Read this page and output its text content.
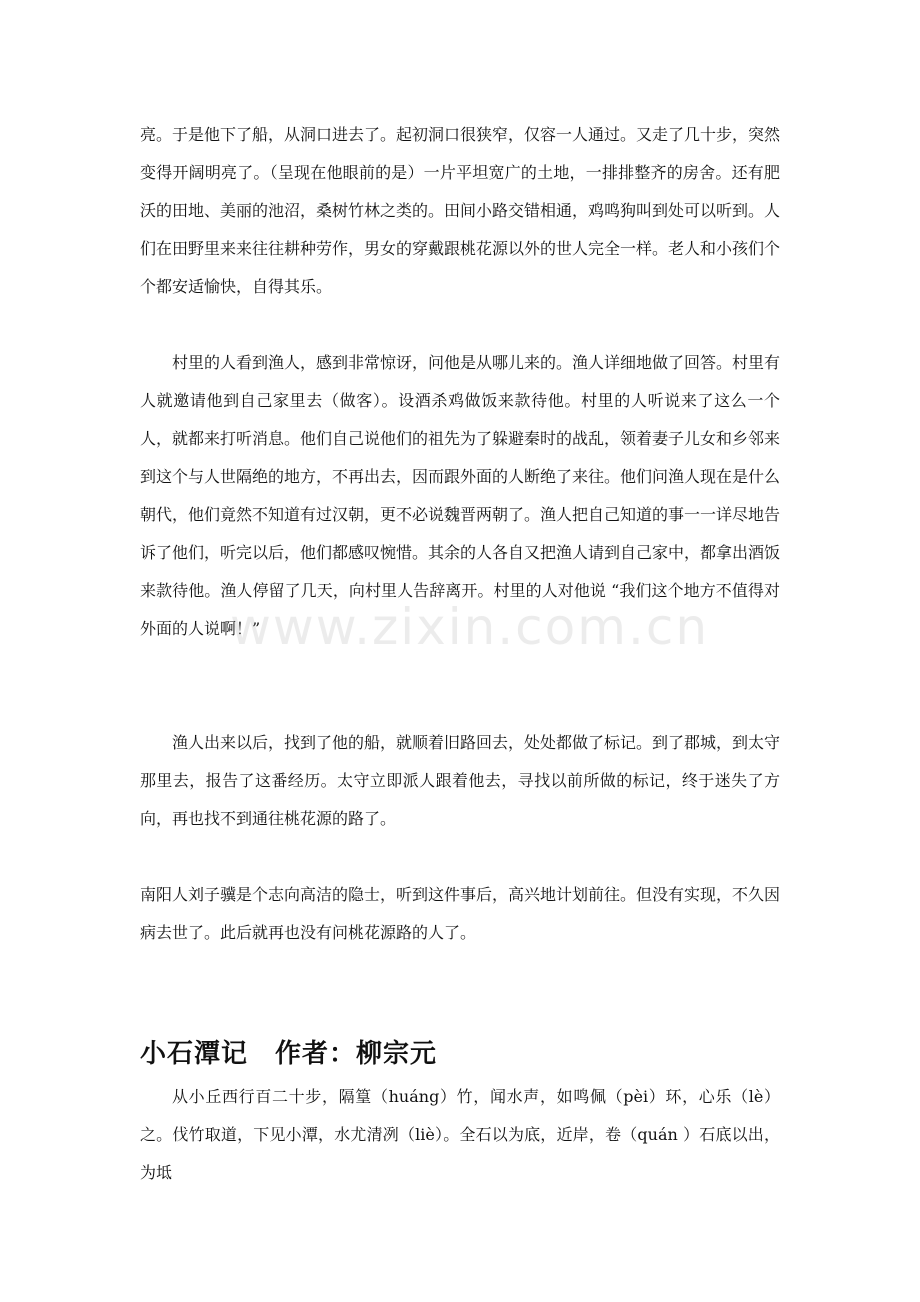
亮。于是他下了船，从洞口进去了。起初洞口很狭窄，仅容一人通过。又走了几十步，突然变得开阔明亮了。（呈现在他眼前的是）一片平坦宽广的土地，一排排整齐的房舍。还有肥沃的田地、美丽的池沼，桑树竹林之类的。田间小路交错相通，鸡鸣狗叫到处可以听到。人们在田野里来来往往耕种劳作，男女的穿戴跟桃花源以外的世人完全一样。老人和小孩们个个都安适愉快，自得其乐。

村里的人看到渔人，感到非常惊讶，问他是从哪儿来的。渔人详细地做了回答。村里有人就邀请他到自己家里去（做客）。设酒杀鸡做饭来款待他。村里的人听说来了这么一个人，就都来打听消息。他们自己说他们的祖先为了躲避秦时的战乱，领着妻子儿女和乡邻来到这个与人世隔绝的地方，不再出去，因而跟外面的人断绝了来往。他们问渔人现在是什么朝代，他们竟然不知道有过汉朝，更不必说魏晋两朝了。渔人把自己知道的事一一详尽地告诉了他们，听完以后，他们都感叹惋惜。其余的人各自又把渔人请到自己家中，都拿出酒饭来款待他。渔人停留了几天，向村里人告辞离开。村里的人对他说 “我们这个地方不值得对外面的人说啊！”

渔人出来以后，找到了他的船，就顺着旧路回去，处处都做了标记。到了郡城，到太守那里去，报告了这番经历。太守立即派人跟着他去，寻找以前所做的标记，终于迷失了方向，再也找不到通往桃花源的路了。

南阳人刘子骥是个志向高洁的隐士，听到这件事后，高兴地计划前往。但没有实现，不久因病去世了。此后就再也没有问桃花源路的人了。

小石潭记　作者：柳宗元

从小丘西行百二十步，隔篁（huáng）竹，闻水声，如鸣佩（pèi）环，心乐（lè）之。伐竹取道，下见小潭，水尤清冽（liè）。全石以为底，近岸，卷（quán ）石底以出，为坻

www.zixin.com.cn
